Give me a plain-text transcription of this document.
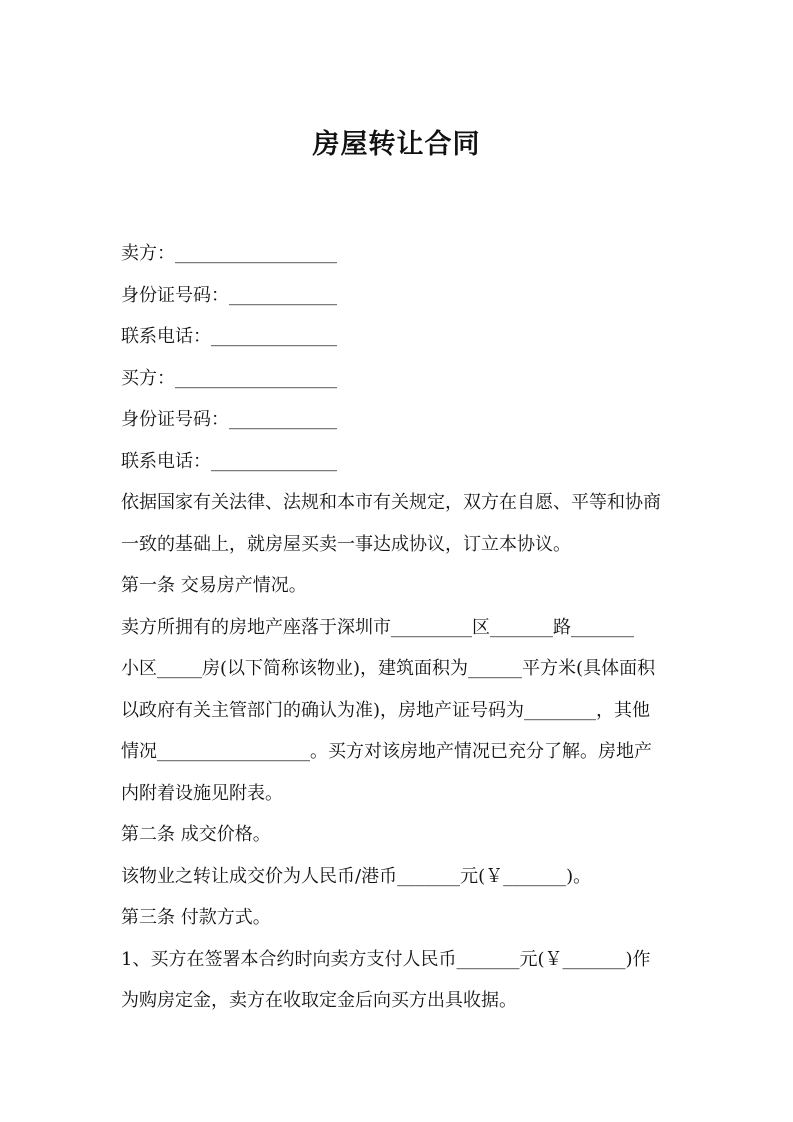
房屋转让合同
卖方：__________________
身份证号码：____________
联系电话：______________
买方：__________________
身份证号码：____________
联系电话：______________
依据国家有关法律、法规和本市有关规定，双方在自愿、平等和协商
一致的基础上，就房屋买卖一事达成协议，订立本协议。
第一条 交易房产情况。
卖方所拥有的房地产座落于深圳市_________区_______路_______
小区_____房(以下简称该物业)，建筑面积为______平方米(具体面积
以政府有关主管部门的确认为准)，房地产证号码为________，其他
情况_________________。买方对该房地产情况已充分了解。房地产
内附着设施见附表。
第二条 成交价格。
该物业之转让成交价为人民币/港币_______元(￥_______)。
第三条 付款方式。
1、买方在签署本合约时向卖方支付人民币_______元(￥_______)作
为购房定金，卖方在收取定金后向买方出具收据。
